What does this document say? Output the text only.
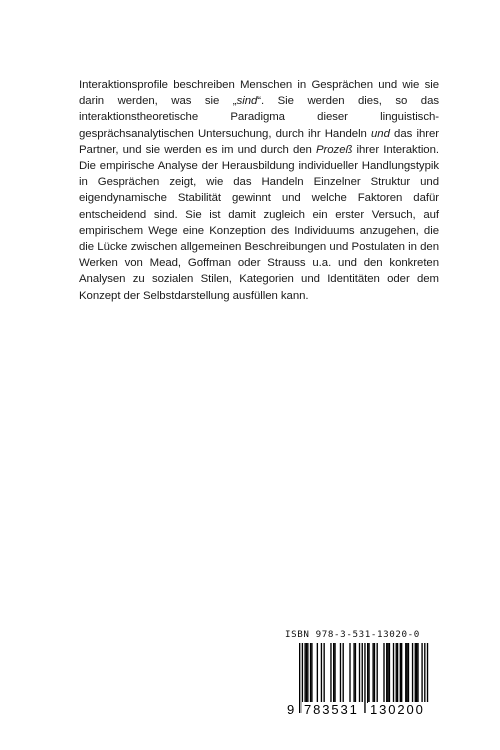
Interaktionsprofile beschreiben Menschen in Gesprächen und wie sie darin werden, was sie „sind“. Sie werden dies, so das interaktionstheoretische Paradigma dieser linguistisch-gesprächsanalytischen Untersuchung, durch ihr Handeln und das ihrer Partner, und sie werden es im und durch den Prozeß ihrer Interaktion. Die empirische Analyse der Herausbildung individueller Handlungstypik in Gesprächen zeigt, wie das Handeln Einzelner Struktur und eigendynamische Stabilität gewinnt und welche Faktoren dafür entscheidend sind. Sie ist damit zugleich ein erster Versuch, auf empirischem Wege eine Konzeption des Individuums anzugehen, die die Lücke zwischen allgemeinen Beschreibungen und Postulaten in den Werken von Mead, Goffman oder Strauss u.a. und den konkreten Analysen zu sozialen Stilen, Kategorien und Identitäten oder dem Konzept der Selbstdarstellung ausfüllen kann.

ISBN 978-3-531-13020-0
9 783531 130200
